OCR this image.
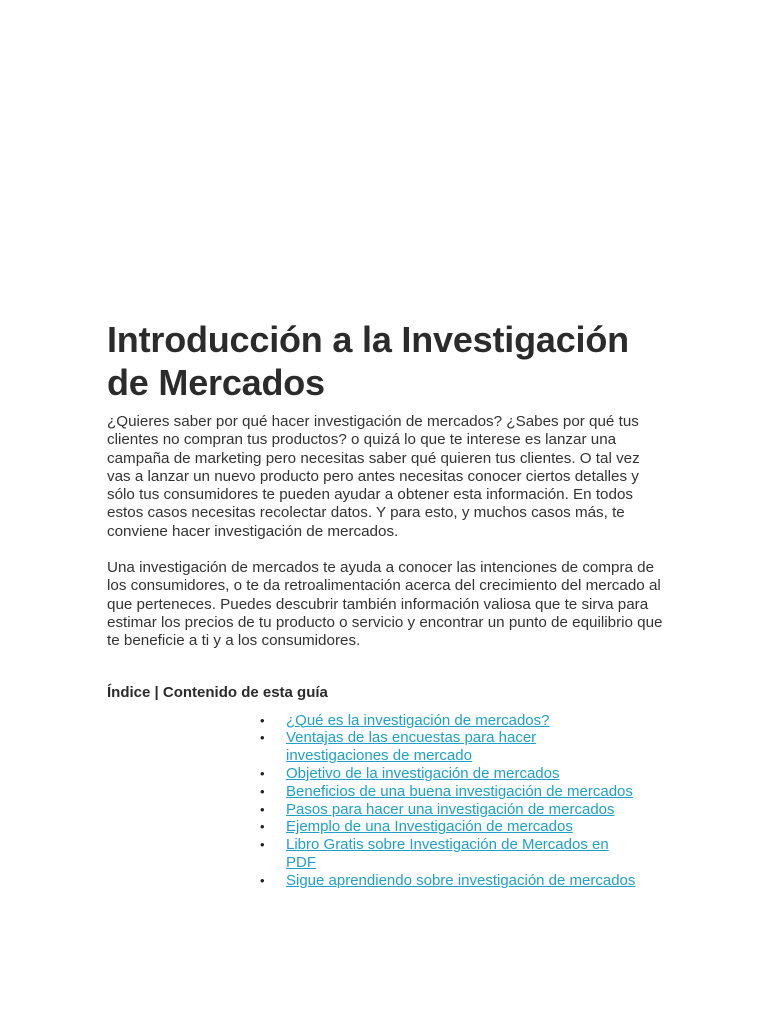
Introducción a la Investigación de Mercados

¿Quieres saber por qué hacer investigación de mercados? ¿Sabes por qué tus clientes no compran tus productos? o quizá lo que te interese es lanzar una campaña de marketing pero necesitas saber qué quieren tus clientes. O tal vez vas a lanzar un nuevo producto pero antes necesitas conocer ciertos detalles y sólo tus consumidores te pueden ayudar a obtener esta información. En todos estos casos necesitas recolectar datos. Y para esto, y muchos casos más, te conviene hacer investigación de mercados.

Una investigación de mercados te ayuda a conocer las intenciones de compra de los consumidores, o te da retroalimentación acerca del crecimiento del mercado al que perteneces. Puedes descubrir también información valiosa que te sirva para estimar los precios de tu producto o servicio y encontrar un punto de equilibrio que te beneficie a ti y a los consumidores.

Índice | Contenido de esta guía
• ¿Qué es la investigación de mercados?
• Ventajas de las encuestas para hacer investigaciones de mercado
• Objetivo de la investigación de mercados
• Beneficios de una buena investigación de mercados
• Pasos para hacer una investigación de mercados
• Ejemplo de una Investigación de mercados
• Libro Gratis sobre Investigación de Mercados en PDF
• Sigue aprendiendo sobre investigación de mercados
